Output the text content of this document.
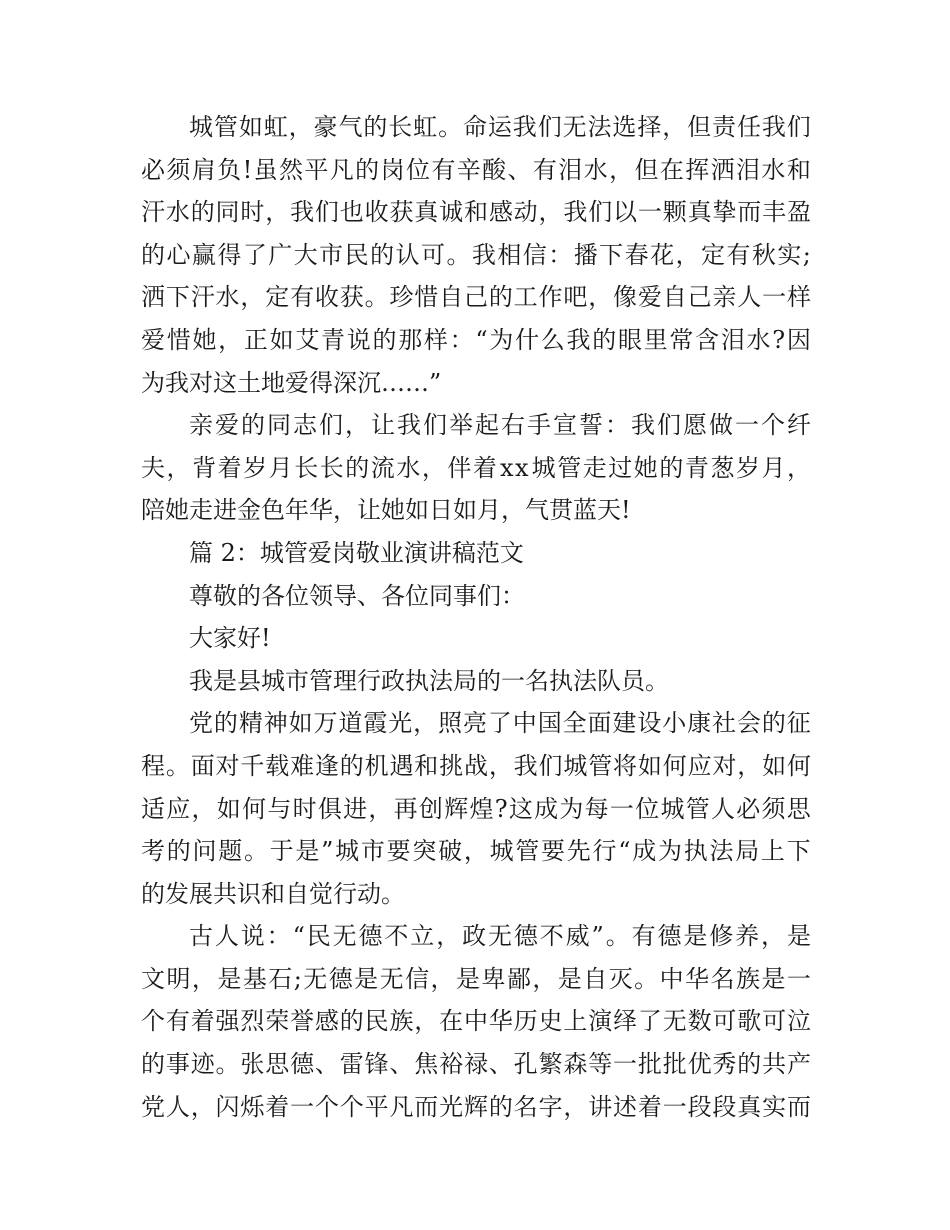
城 管 如 虹 ， 豪 气 的 长 虹 。 命 运 我 们 无 法 选 择 ， 但 责 任 我 们
必 须 肩 负 ! 虽 然 平 凡 的 岗 位 有 辛 酸 、 有 泪 水 ， 但 在 挥 洒 泪 水 和
汗 水 的 同 时 ， 我 们 也 收 获 真 诚 和 感 动 ， 我 们 以 一 颗 真 挚 而 丰 盈
的 心 赢 得 了 广 大 市 民 的 认 可 。 我 相 信 ： 播 下 春 花 ， 定 有 秋 实 ;
洒 下 汗 水 ， 定 有 收 获 。 珍 惜 自 己 的 工 作 吧 ， 像 爱 自 己 亲 人 一 样
爱 惜 她 ， 正 如 艾 青 说 的 那 样 ： “ 为 什 么 我 的 眼 里 常 含 泪 水 ? 因
为我对这土地爱得深沉……”
亲 爱 的 同 志 们 ， 让 我 们 举 起 右 手 宣 誓 ： 我 们 愿 做 一 个 纤
夫 ， 背 着 岁 月 长 长 的 流 水 ， 伴 着 x x 城 管 走 过 她 的 青 葱 岁 月 ，
陪她走进金色年华，让她如日如月，气贯蓝天!
篇 2：城管爱岗敬业演讲稿范文
尊敬的各位领导、各位同事们：
大家好!
我是县城市管理行政执法局的一名执法队员。
党 的 精 神 如 万 道 霞 光 ， 照 亮 了 中 国 全 面 建 设 小 康 社 会 的 征
程 。 面 对 千 载 难 逢 的 机 遇 和 挑 战 ， 我 们 城 管 将 如 何 应 对 ， 如 何
适 应 ， 如 何 与 时 俱 进 ， 再 创 辉 煌 ? 这 成 为 每 一 位 城 管 人 必 须 思
考 的 问 题 。 于 是 ” 城 市 要 突 破 ， 城 管 要 先 行 “ 成 为 执 法 局 上 下
的发展共识和自觉行动。
古 人 说 ： “ 民 无 德 不 立 ， 政 无 德 不 威 ” 。 有 德 是 修 养 ， 是
文 明 ， 是 基 石 ; 无 德 是 无 信 ， 是 卑 鄙 ， 是 自 灭 。 中 华 名 族 是 一
个 有 着 强 烈 荣 誉 感 的 民 族 ， 在 中 华 历 史 上 演 绎 了 无 数 可 歌 可 泣
的 事 迹 。 张 思 德 、 雷 锋 、 焦 裕 禄 、 孔 繁 森 等 一 批 批 优 秀 的 共 产
党 人 ， 闪 烁 着 一 个 个 平 凡 而 光 辉 的 名 字 ， 讲 述 着 一 段 段 真 实 而
